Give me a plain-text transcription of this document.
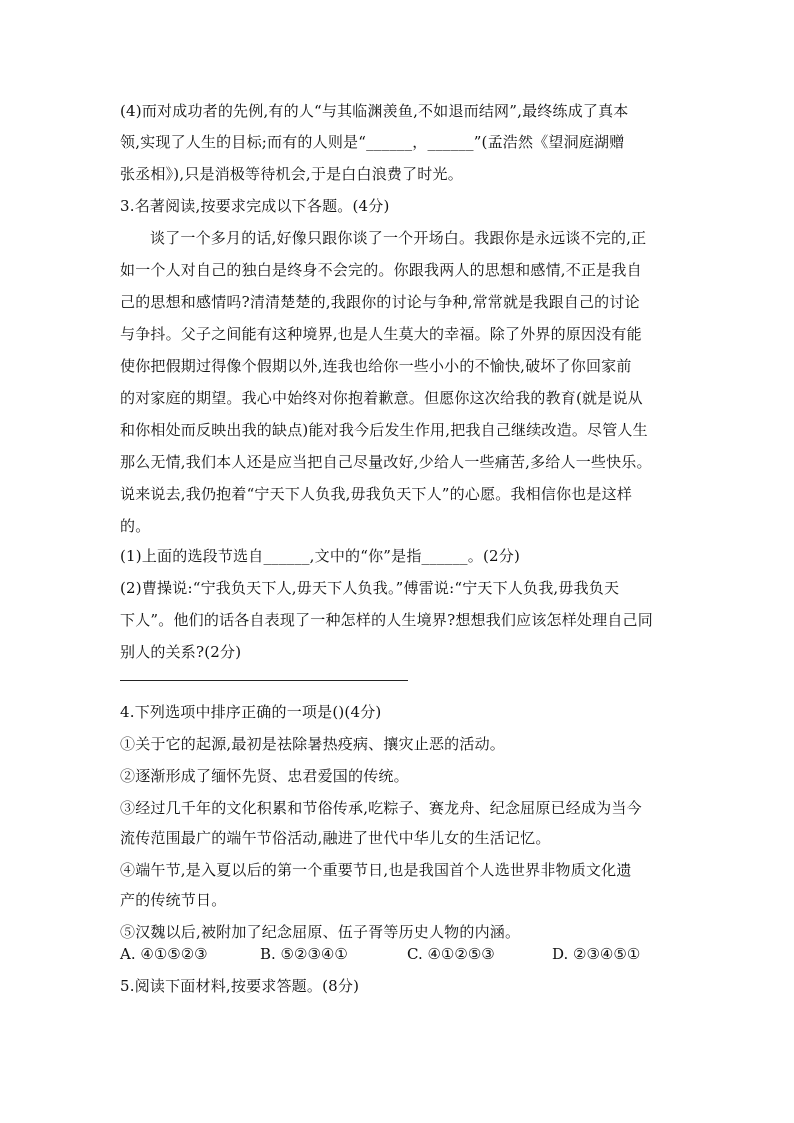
(4)而对成功者的先例,有的人“与其临渊羡鱼,不如退而结网”,最终练成了真本
领,实现了人生的目标;而有的人则是“______，______”(孟浩然《望洞庭湖赠
张丞相》),只是消极等待机会,于是白白浪费了时光。
3.名著阅读,按要求完成以下各题。(4分)
谈了一个多月的话,好像只跟你谈了一个开场白。我跟你是永远谈不完的,正
如一个人对自己的独白是终身不会完的。你跟我两人的思想和感情,不正是我自
己的思想和感情吗?清清楚楚的,我跟你的讨论与争种,常常就是我跟自己的讨论
与争抖。父子之间能有这种境界,也是人生莫大的幸福。除了外界的原因没有能
使你把假期过得像个假期以外,连我也给你一些小小的不愉快,破坏了你回家前
的对家庭的期望。我心中始终对你抱着歉意。但愿你这次给我的教育(就是说从
和你相处而反映出我的缺点)能对我今后发生作用,把我自己继续改造。尽管人生
那么无情,我们本人还是应当把自己尽量改好,少给人一些痛苦,多给人一些快乐。
说来说去,我仍抱着“宁天下人负我,毋我负天下人”的心愿。我相信你也是这样
的。
(1)上面的选段节选自______,文中的“你”是指______。(2分)
(2)曹操说:“宁我负天下人,毋天下人负我。”傅雷说:“宁天下人负我,毋我负天
下人”。他们的话各自表现了一种怎样的人生境界?想想我们应该怎样处理自己同
别人的关系?(2分)
4.下列选项中排序正确的一项是()(4分)
①关于它的起源,最初是祛除暑热疫病、攘灾止恶的活动。
②逐渐形成了缅怀先贤、忠君爱国的传统。
③经过几千年的文化积累和节俗传承,吃粽子、赛龙舟、纪念屈原已经成为当今
流传范围最广的端午节俗活动,融进了世代中华儿女的生活记忆。
④端午节,是入夏以后的第一个重要节日,也是我国首个人选世界非物质文化遗
产的传统节日。
⑤汉魏以后,被附加了纪念屈原、伍子胥等历史人物的内涵。
A. ④①⑤②③	B. ⑤②③④①	C. ④①②⑤③	D. ②③④⑤①
5.阅读下面材料,按要求答题。(8分)
